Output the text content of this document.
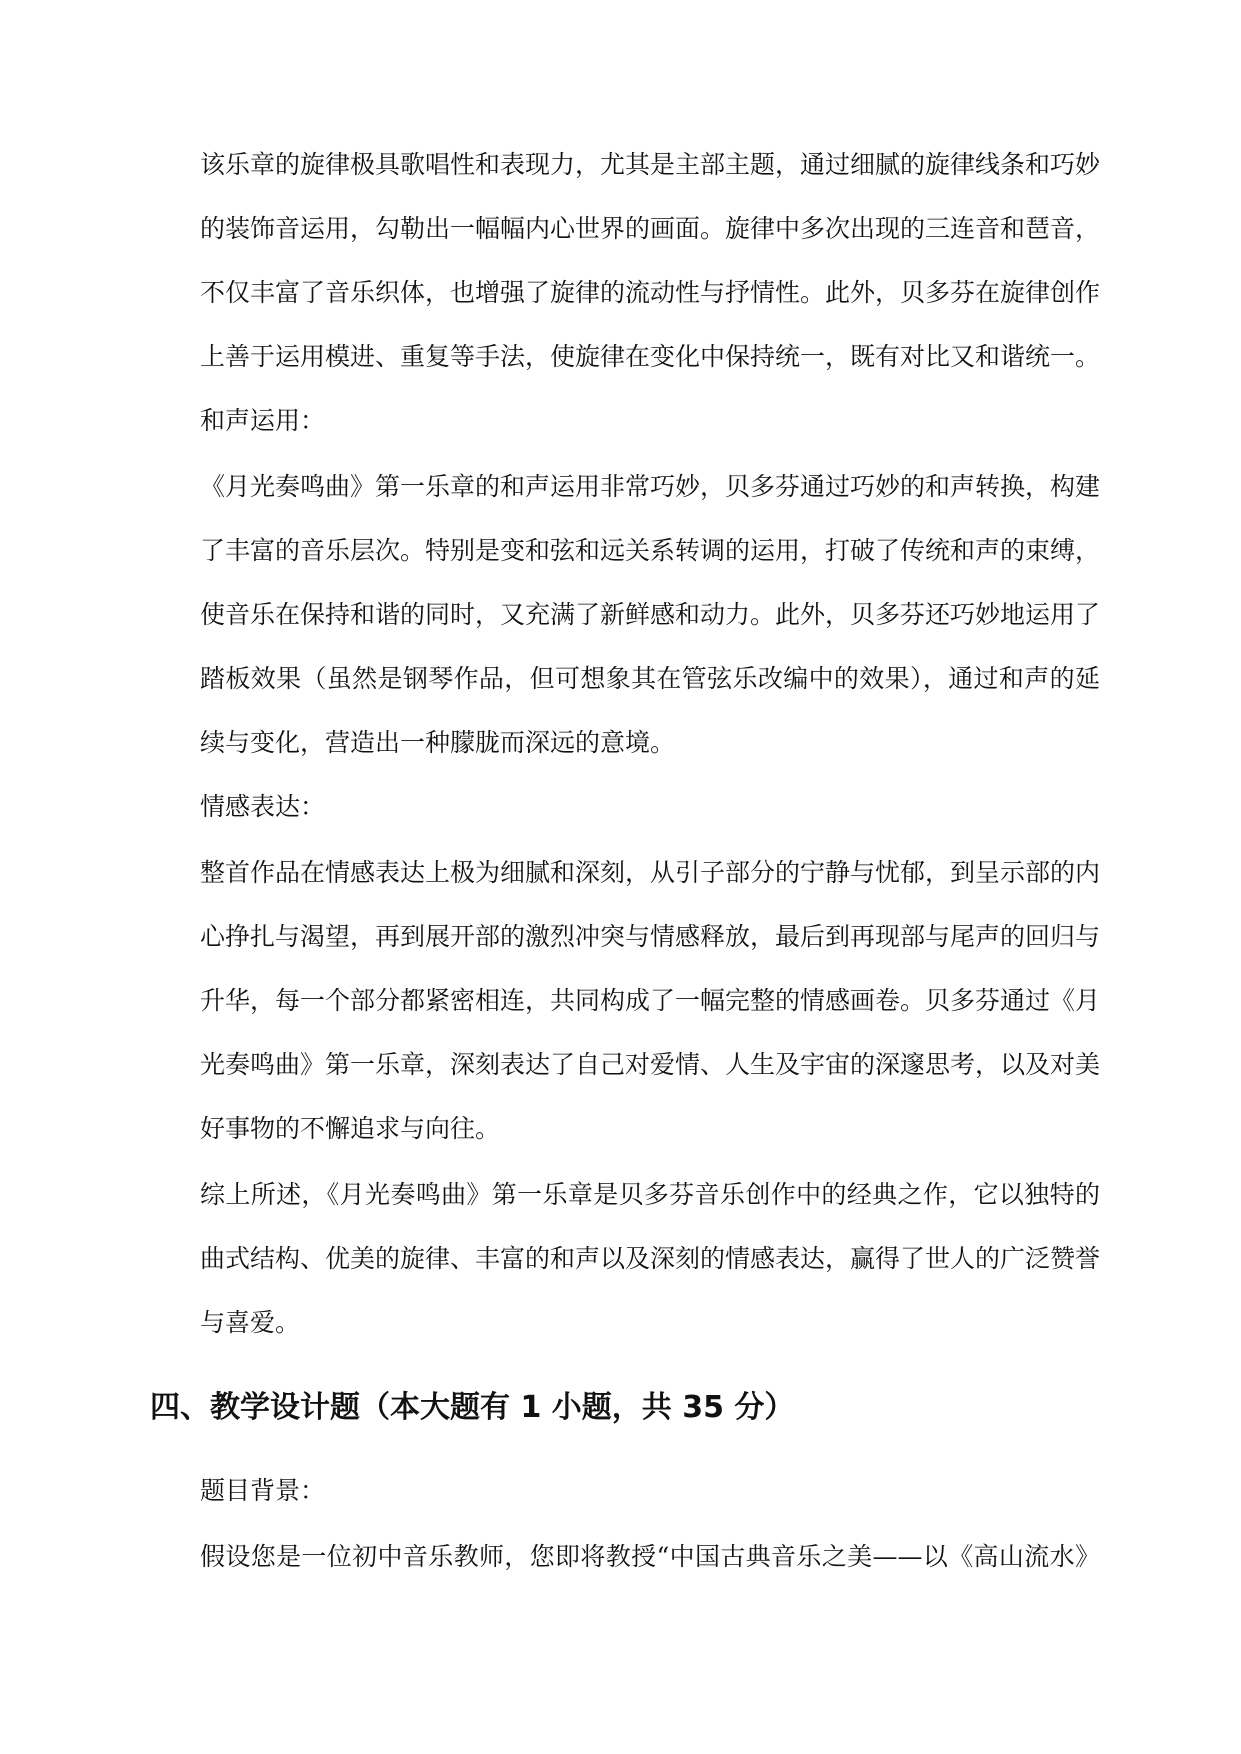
该乐章的旋律极具歌唱性和表现力，尤其是主部主题，通过细腻的旋律线条和巧妙
的装饰音运用，勾勒出一幅幅内心世界的画面。旋律中多次出现的三连音和琶音，
不仅丰富了音乐织体，也增强了旋律的流动性与抒情性。此外，贝多芬在旋律创作
上善于运用模进、重复等手法，使旋律在变化中保持统一，既有对比又和谐统一。
和声运用：
《月光奏鸣曲》第一乐章的和声运用非常巧妙，贝多芬通过巧妙的和声转换，构建
了丰富的音乐层次。特别是变和弦和远关系转调的运用，打破了传统和声的束缚，
使音乐在保持和谐的同时，又充满了新鲜感和动力。此外，贝多芬还巧妙地运用了
踏板效果（虽然是钢琴作品，但可想象其在管弦乐改编中的效果），通过和声的延
续与变化，营造出一种朦胧而深远的意境。
情感表达：
整首作品在情感表达上极为细腻和深刻，从引子部分的宁静与忧郁，到呈示部的内
心挣扎与渴望，再到展开部的激烈冲突与情感释放，最后到再现部与尾声的回归与
升华，每一个部分都紧密相连，共同构成了一幅完整的情感画卷。贝多芬通过《月
光奏鸣曲》第一乐章，深刻表达了自己对爱情、人生及宇宙的深邃思考，以及对美
好事物的不懈追求与向往。
综上所述，《月光奏鸣曲》第一乐章是贝多芬音乐创作中的经典之作，它以独特的
曲式结构、优美的旋律、丰富的和声以及深刻的情感表达，赢得了世人的广泛赞誉
与喜爱。
四、教学设计题（本大题有 1 小题，共 35 分）
题目背景：
假设您是一位初中音乐教师，您即将教授“中国古典音乐之美——以《高山流水》
